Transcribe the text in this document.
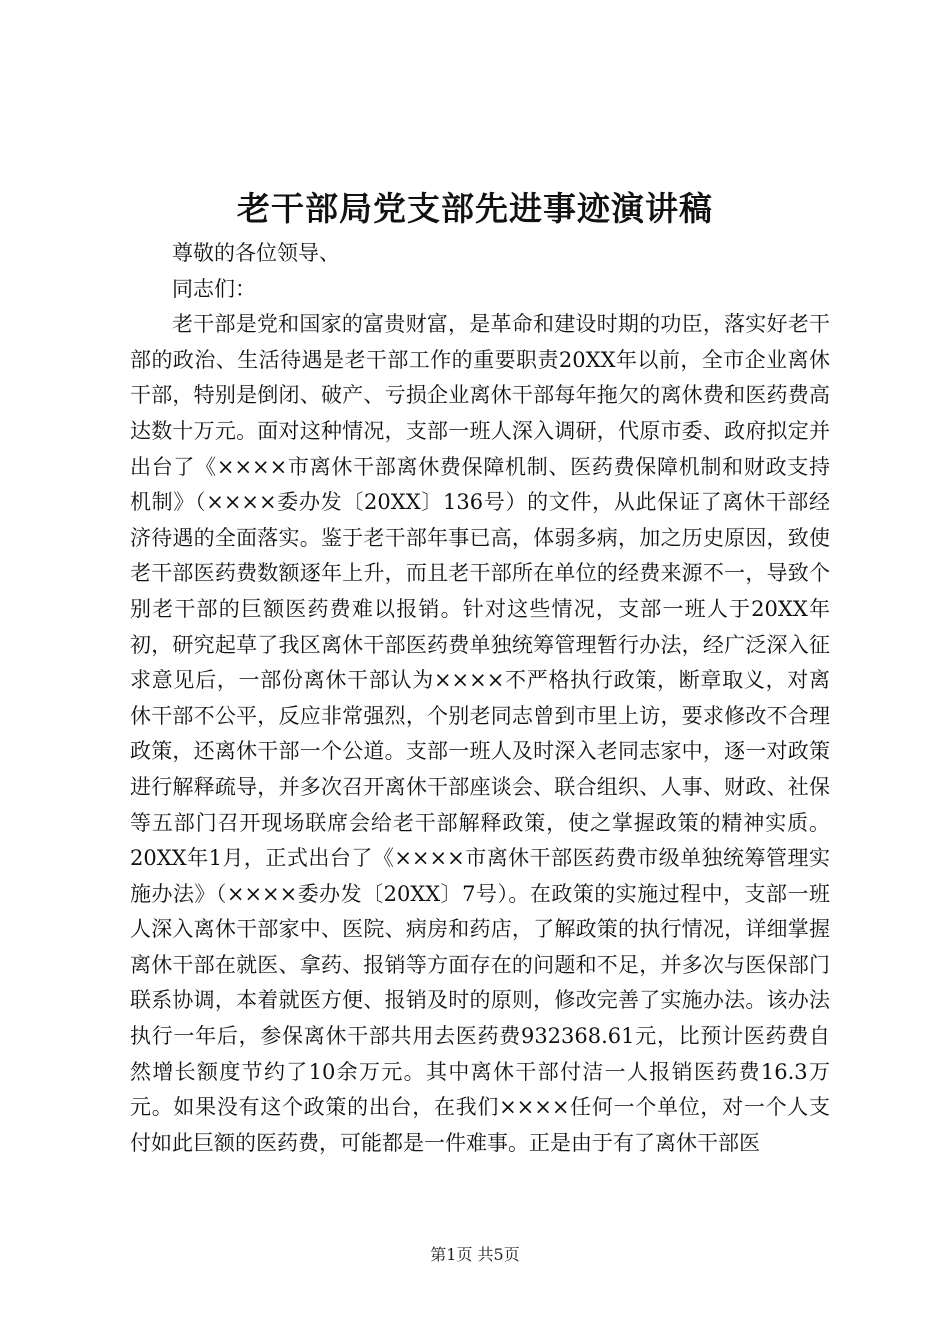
老干部局党支部先进事迹演讲稿

尊敬的各位领导、

同志们：

老干部是党和国家的富贵财富，是革命和建设时期的功臣，落实好老干部的政治、生活待遇是老干部工作的重要职责20XX年以前，全市企业离休干部，特别是倒闭、破产、亏损企业离休干部每年拖欠的离休费和医药费高达数十万元。面对这种情况，支部一班人深入调研，代原市委、政府拟定并出台了《××××市离休干部离休费保障机制、医药费保障机制和财政支持机制》（××××委办发〔20XX〕136号）的文件，从此保证了离休干部经济待遇的全面落实。鉴于老干部年事已高，体弱多病，加之历史原因，致使老干部医药费数额逐年上升，而且老干部所在单位的经费来源不一，导致个别老干部的巨额医药费难以报销。针对这些情况，支部一班人于20XX年初，研究起草了我区离休干部医药费单独统筹管理暂行办法，经广泛深入征求意见后，一部份离休干部认为××××不严格执行政策，断章取义，对离休干部不公平，反应非常强烈，个别老同志曾到市里上访，要求修改不合理政策，还离休干部一个公道。支部一班人及时深入老同志家中，逐一对政策进行解释疏导，并多次召开离休干部座谈会、联合组织、人事、财政、社保等五部门召开现场联席会给老干部解释政策，使之掌握政策的精神实质。20XX年1月，正式出台了《××××市离休干部医药费市级单独统筹管理实施办法》（××××委办发〔20XX〕7号）。在政策的实施过程中，支部一班人深入离休干部家中、医院、病房和药店，了解政策的执行情况，详细掌握离休干部在就医、拿药、报销等方面存在的问题和不足，并多次与医保部门联系协调，本着就医方便、报销及时的原则，修改完善了实施办法。该办法执行一年后，参保离休干部共用去医药费932368.61元，比预计医药费自然增长额度节约了10余万元。其中离休干部付洁一人报销医药费16.3万元。如果没有这个政策的出台，在我们××××任何一个单位，对一个人支付如此巨额的医药费，可能都是一件难事。正是由于有了离休干部医

第1页 共5页
